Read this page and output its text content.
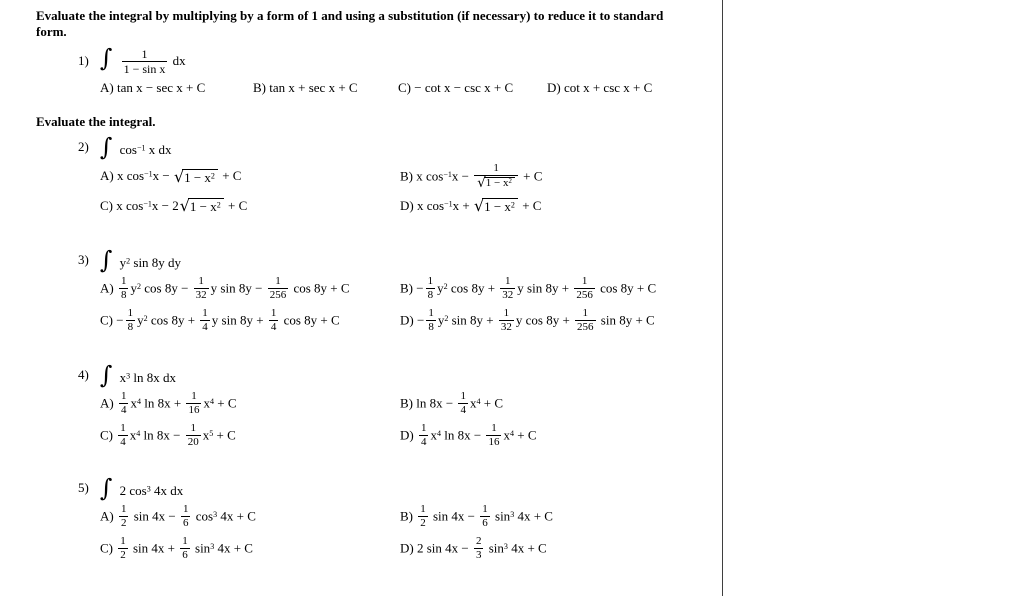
Evaluate the integral by multiplying by a form of 1 and using a substitution (if necessary) to reduce it to standard form.
1) ∫ $\frac{1}{\text{1 − sin x}}$ dx
A) tan x − sec x + C	B) tan x + sec x + C	C) − cot x − csc x + C	D) cot x + csc x + C
Evaluate the integral.
2) ∫ $\cos^{-1} x$ dx
A) x $\cos^{-1}x$ − √ $1 - x^2 + C$	B) x $\cos^{-1}x - \frac{1}{√ 1 - x^2} + C$
C) x $\cos^{-1}x - 2$ √ $1 - x^2 + C$	D) x $\cos^{-1}x$ + √ $1 - x^2 + C$
3) ∫ $y^2$ sin 8y dy
$A) \frac{1}{8} y^2$ $\cos 8y - \frac{1}{32}$ y $\sin 8y - \frac{1}{256}$ cos 8y + C	$B) - \frac{1}{8} y^2$ $\cos 8y + \frac{1}{32}$ y $\sin 8y + \frac{1}{256}$ cos 8y + C
$C) - \frac{1}{8} y^2$ $\cos 8y + \frac{1}{4}$ y $\sin 8y + \frac{1}{4}$ cos 8y + C	$D) - \frac{1}{8} y^2$ $\sin 8y + \frac{1}{32}$ y $\cos 8y + \frac{1}{256}$ sin 8y + C
4) ∫ $x^3$ ln 8x dx
$A) \frac{1}{4} x^4$ $\ln 8x + \frac{1}{16} x^4 + C$	B) $\ln 8x - \frac{1}{4} x^4 + C$
$C) \frac{1}{4} x^4$ $\ln 8x - \frac{1}{20} x^5 + C$	$D) \frac{1}{4} x^4$ $\ln 8x - \frac{1}{16} x^4 + C$
5) ∫ 2 $\cos^3 4x$ dx
$A) \frac{1}{2}$ $\sin 4x - \frac{1}{6} \cos^3 4x + C$	$B) \frac{1}{2}$ $\sin 4x - \frac{1}{6} \sin^3 4x + C$
$C) \frac{1}{2}$ $\sin 4x + \frac{1}{6} \sin^3 4x + C$	D) 2 $\sin 4x - \frac{2}{3} \sin^3 4x + C$
